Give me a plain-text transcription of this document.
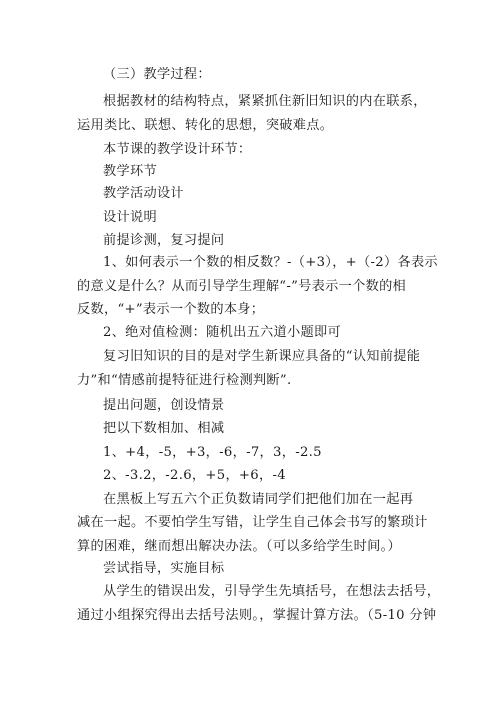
（三）教学过程：
根据教材的结构特点，紧紧抓住新旧知识的内在联系，
运用类比、联想、转化的思想，突破难点。
本节课的教学设计环节：
教学环节
教学活动设计
设计说明
前提诊测，复习提问
1、如何表示一个数的相反数？-（+3），+（-2）各表示
的意义是什么？从而引导学生理解“-”号表示一个数的相
反数，“+”表示一个数的本身；
2、绝对值检测：随机出五六道小题即可
复习旧知识的目的是对学生新课应具备的“认知前提能
力”和“情感前提特征进行检测判断”.
提出问题，创设情景
把以下数相加、相减
1、+4，-5，+3，-6，-7，3，-2.5
2、-3.2，-2.6，+5，+6，-4
在黑板上写五六个正负数请同学们把他们加在一起再
减在一起。不要怕学生写错，让学生自己体会书写的繁琐计
算的困难，继而想出解决办法。（可以多给学生时间。）
尝试指导，实施目标
从学生的错误出发，引导学生先填括号，在想法去括号，
通过小组探究得出去括号法则。，掌握计算方法。（5-10 分钟
